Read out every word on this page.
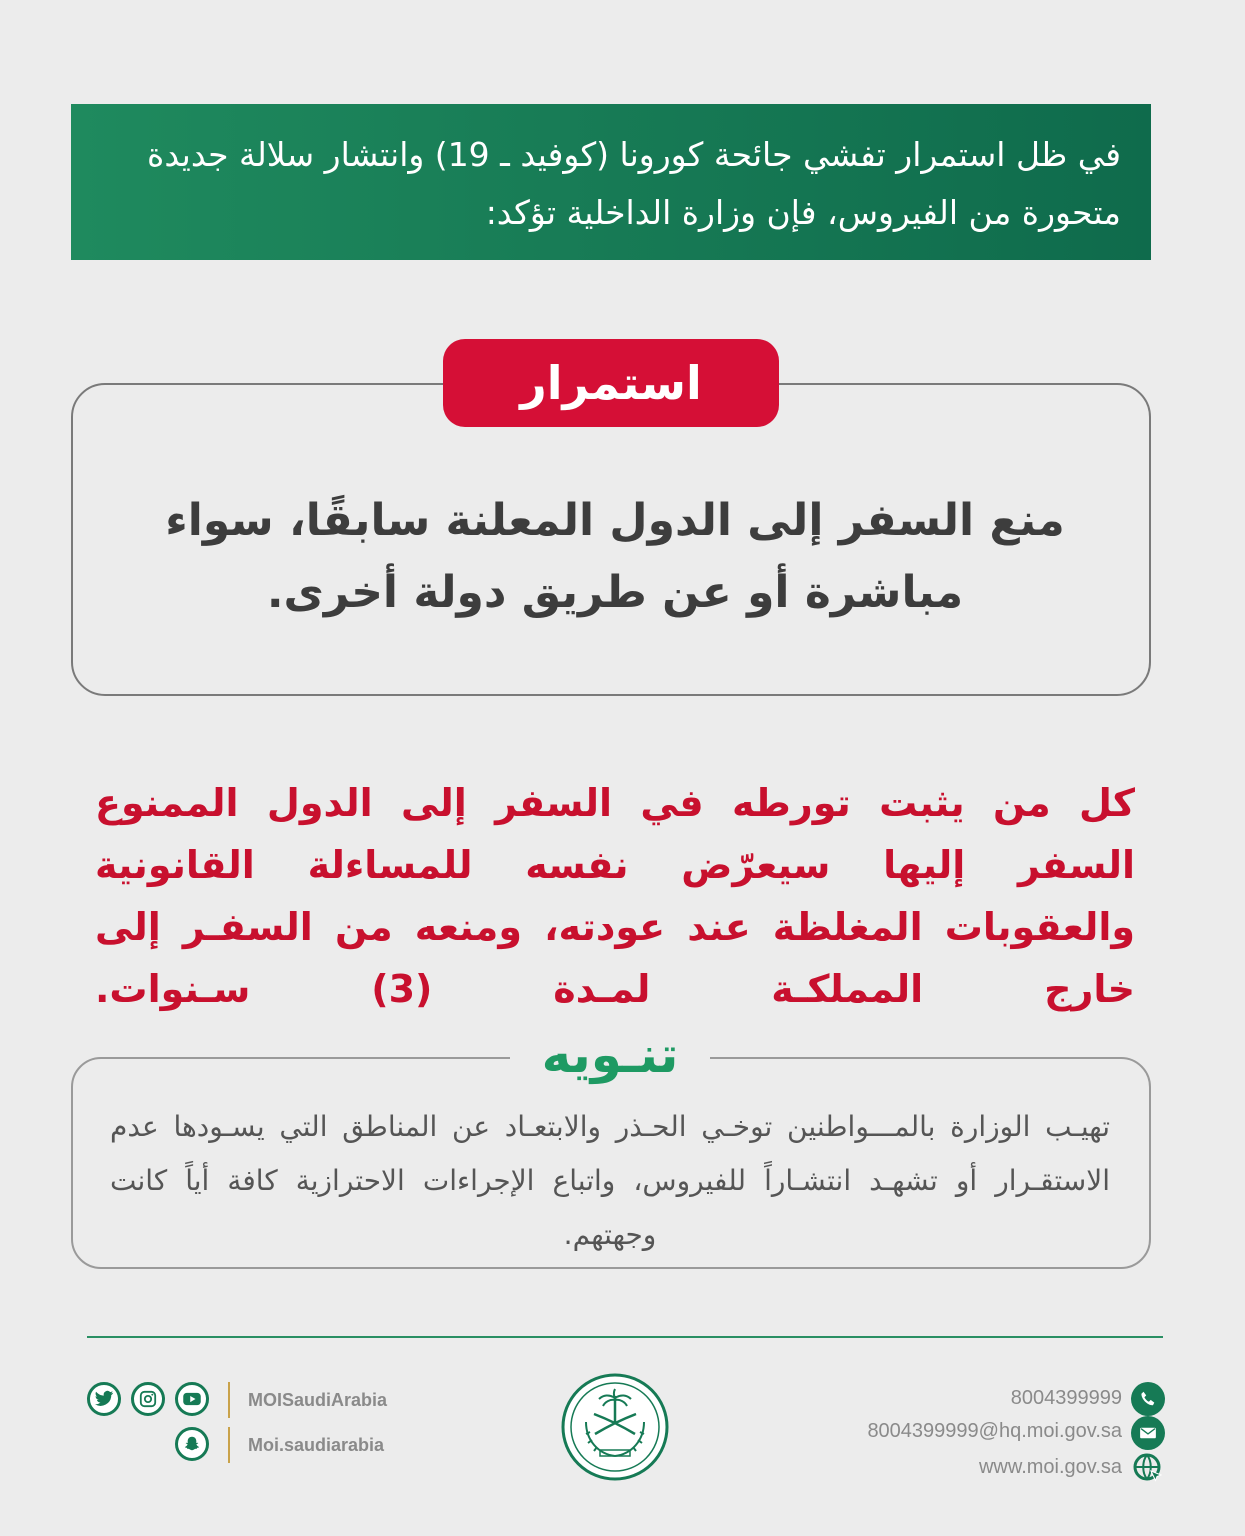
في ظل استمرار تفشي جائحة كورونا (كوفيد ـ 19) وانتشار سلالة جديدة متحورة من الفيروس، فإن وزارة الداخلية تؤكد:

استمرار

منع السفر إلى الدول المعلنة سابقًا، سواء مباشرة أو عن طريق دولة أخرى.

كل من يثبت تورطه في السفر إلى الدول الممنوع السفر إليها سيعرّض نفسه للمساءلة القانونية والعقوبات المغلظة عند عودته، ومنعه من السفـر إلى خارج المملكـة لمـدة (3) سـنوات.

تنـويه

تهيـب الوزارة بالمـــواطنين توخـي الحـذر والابتعـاد عن المناطق التي يسـودها عدم الاستقـرار أو تشهـد انتشـاراً للفيروس، واتباع الإجراءات الاحترازية كافة أياً كانت وجهتهم.

MOISaudiArabia
Moi.saudiarabia
8004399999
8004399999@hq.moi.gov.sa
www.moi.gov.sa
